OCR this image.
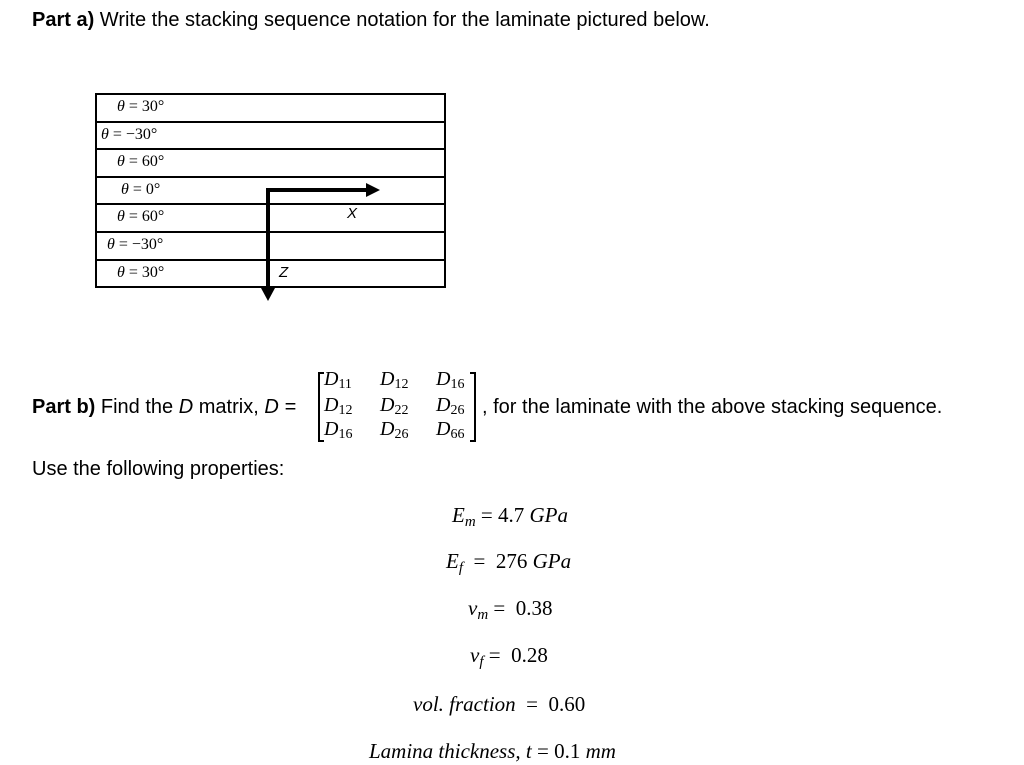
Part a) Write the stacking sequence notation for the laminate pictured below.
θ = 30°
θ = −30°
θ = 60°
θ = 0°
θ = 60°
θ = −30°
θ = 30°
X
Z
Part b) Find the D matrix, D =
$D_{11}$ $D_{12}$ $D_{16}$
$D_{12}$ $D_{22}$ $D_{26}$
$D_{16}$ $D_{26}$ $D_{66}$
, for the laminate with the above stacking sequence.
Use the following properties:
$E_m = 4.7$ GPa
$E_f = 276$ GPa
$\nu_m = 0.38$
$\nu_f = 0.28$
vol. fraction  =  0.60
Lamina thickness, t = 0.1 mm
